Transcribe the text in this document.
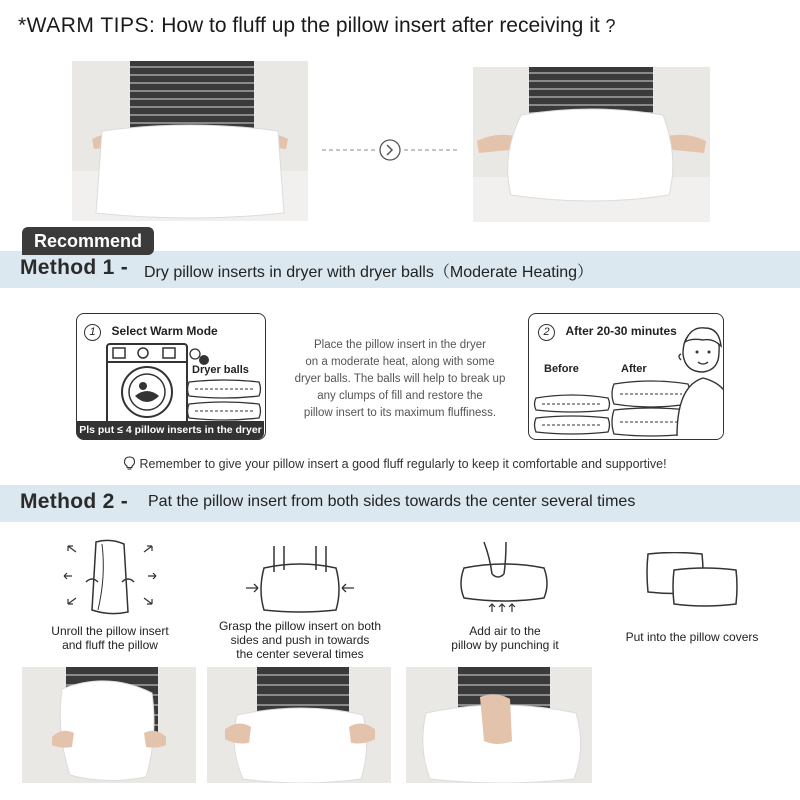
*WARM TIPS: How to fluff up the pillow insert after receiving it ?
Method 1 - Dry pillow inserts in dryer with dryer balls（Moderate Heating）
Recommend
1 Select Warm Mode
Dryer balls
Pls put ≤ 4 pillow inserts in the dryer
Place the pillow insert in the dryer
on a moderate heat, along with some
dryer balls. The balls will help to break up
any clumps of fill and restore the
pillow insert to its maximum fluffiness.
2 After 20-30 minutes
Before	After
Remember to give your pillow insert a good fluff regularly to keep it comfortable and supportive!
Method 2 - Pat the pillow insert from both sides towards the center several times
Unroll the pillow insert
and fluff the pillow
Grasp the pillow insert on both
sides and push in towards
the center several times
Add air to the
pillow by punching it
Put into the pillow covers
